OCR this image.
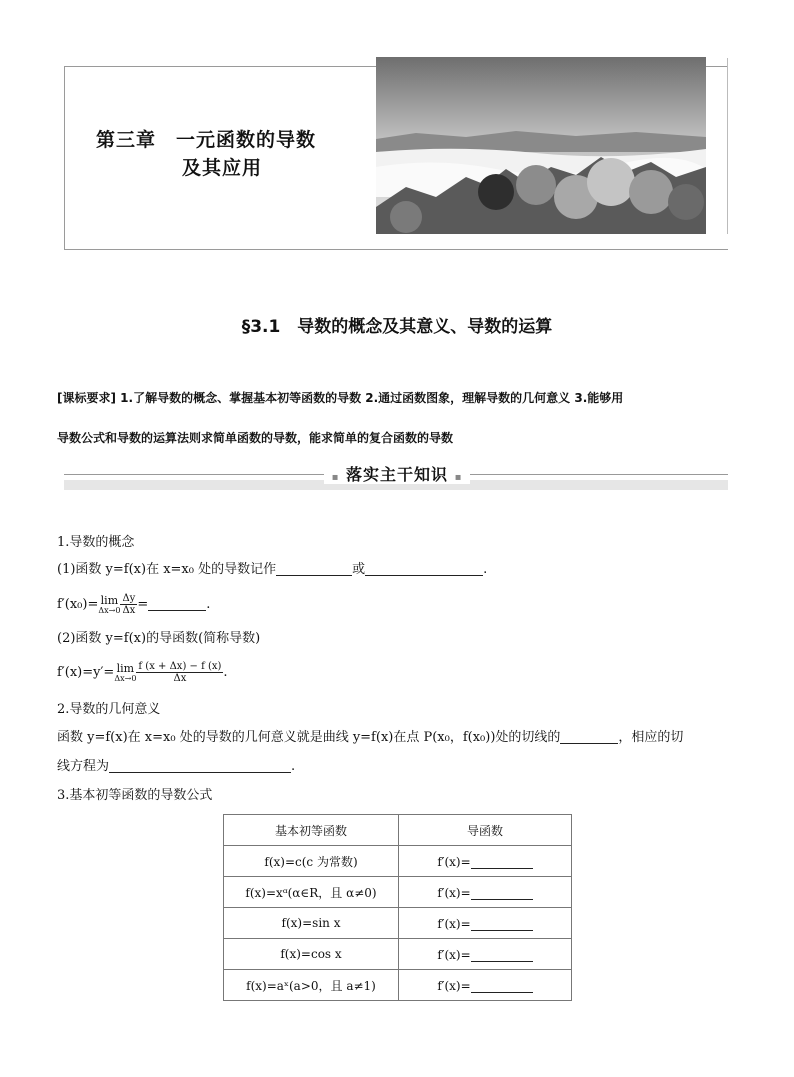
第三章　一元函数的导数
及其应用
§3.1　导数的概念及其意义、导数的运算
[课标要求] 1.了解导数的概念、掌握基本初等函数的导数 2.通过函数图象，理解导数的几何意义 3.能够用
导数公式和导数的运算法则求简单函数的导数，能求简单的复合函数的导数
▪ 落实主干知识 ▪
1.导数的概念
(1)函数 y=f(x)在 x=x₀ 处的导数记作	或	.
f′(x₀)= lim
$\Delta x\to 0 \frac{\Delta y}{\Delta x}=$	.
(2)函数 y=f(x)的导函数(简称导数)
f′(x)=y′= lim
$\Delta x\to 0 \frac{f (x + \Delta x) - f (x)}{\Delta x}$.
2.导数的几何意义
函数 y=f(x)在 x=x₀ 处的导数的几何意义就是曲线 y=f(x)在点 P(x₀，f(x₀))处的切线的	，相应的切
线方程为	.
3.基本初等函数的导数公式
基本初等函数	导函数
f(x)=c(c 为常数)	f′(x)=
f(x)=xᵅ(α∈R，且 α≠0)	f′(x)=
f(x)=sin x	f′(x)=
f(x)=cos x	f′(x)=
f(x)=aˣ(a>0，且 a≠1)	f′(x)=
